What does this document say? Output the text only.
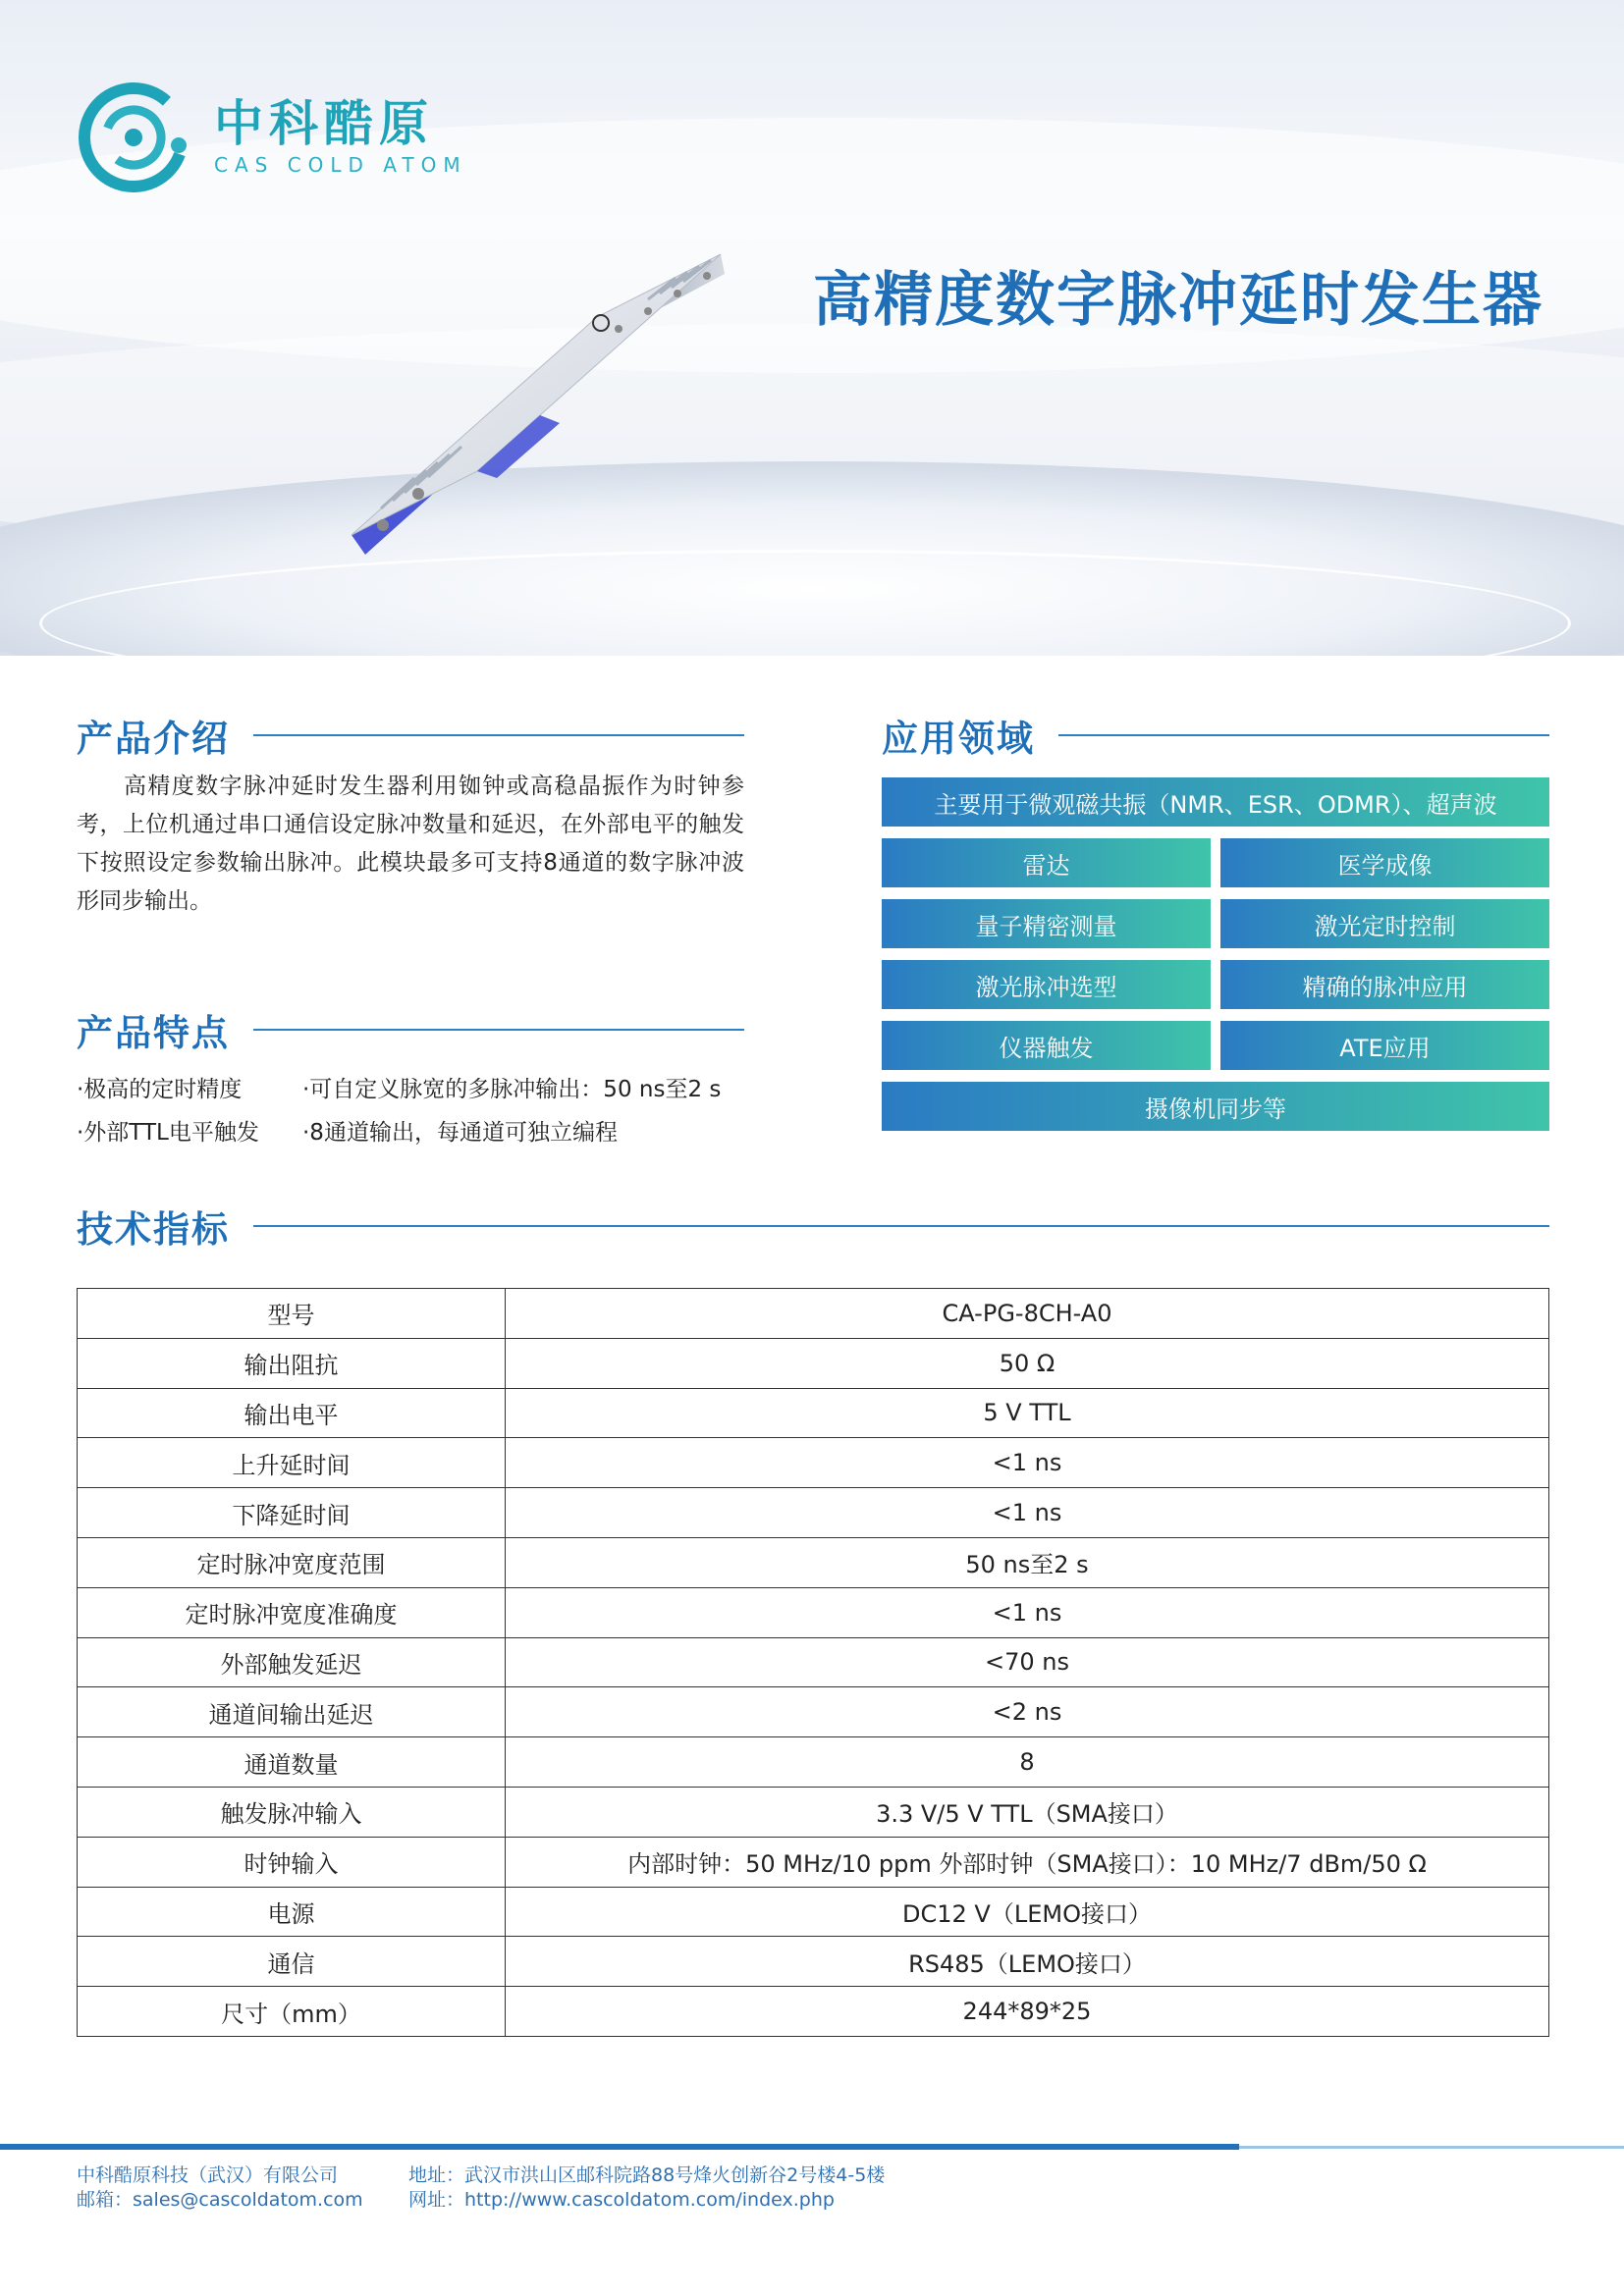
中科酷原
CAS COLD ATOM
高精度数字脉冲延时发生器
产品介绍

高精度数字脉冲延时发生器利用铷钟或高稳晶振作为时钟参考，上位机通过串口通信设定脉冲数量和延迟，在外部电平的触发下按照设定参数输出脉冲。此模块最多可支持8通道的数字脉冲波形同步输出。

产品特点
·极高的定时精度	·可自定义脉宽的多脉冲输出：50 ns至2 s
·外部TTL电平触发	·8通道输出，每通道可独立编程
应用领域
主要用于微观磁共振（NMR、ESR、ODMR）、超声波
雷达	医学成像
量子精密测量	激光定时控制
激光脉冲选型	精确的脉冲应用
仪器触发	ATE应用
摄像机同步等
技术指标
型号	CA-PG-8CH-A0
输出阻抗	50 Ω
输出电平	5 V TTL
上升延时间	<1 ns
下降延时间	<1 ns
定时脉冲宽度范围	50 ns至2 s
定时脉冲宽度准确度	<1 ns
外部触发延迟	<70 ns
通道间输出延迟	<2 ns
通道数量	8
触发脉冲输入	3.3 V/5 V TTL（SMA接口）
时钟输入	内部时钟：50 MHz/10 ppm 外部时钟（SMA接口）：10 MHz/7 dBm/50 Ω
电源	DC12 V（LEMO接口）
通信	RS485（LEMO接口）
尺寸（mm）	244*89*25
中科酷原科技（武汉）有限公司
邮箱：sales@cascoldatom.com
地址：武汉市洪山区邮科院路88号烽火创新谷2号楼4-5楼
网址：http://www.cascoldatom.com/index.php
